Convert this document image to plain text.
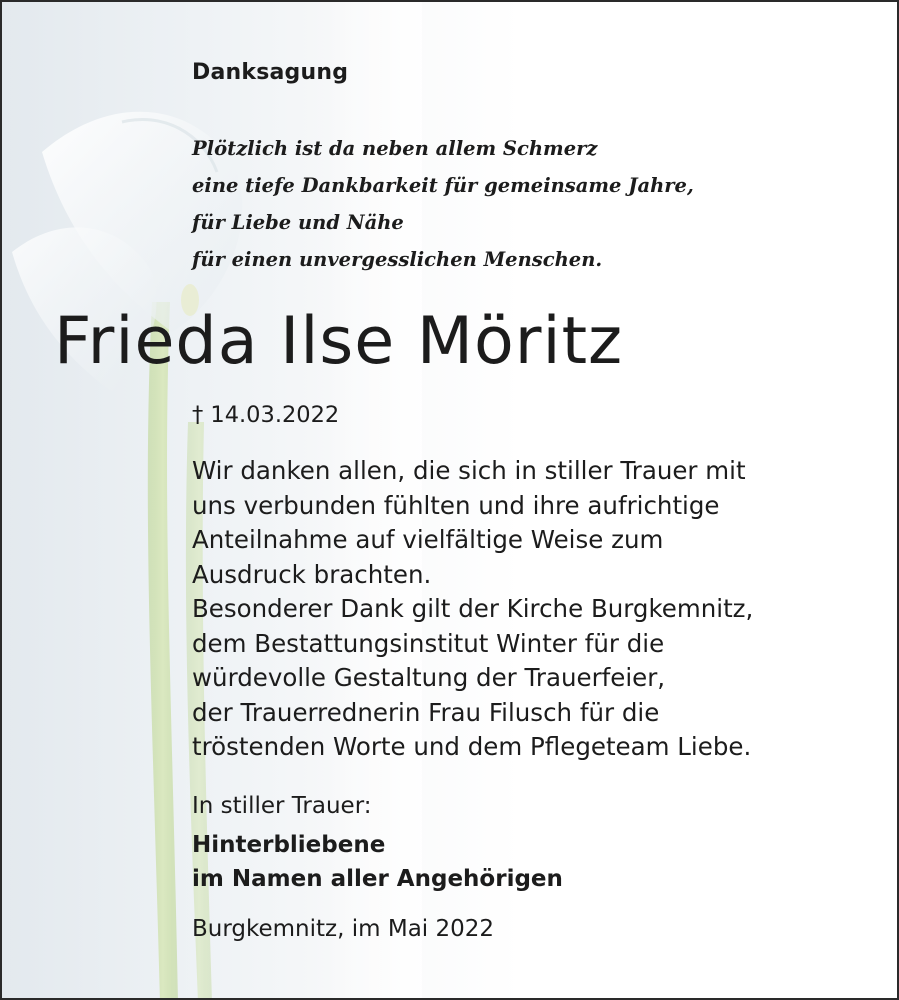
Danksagung

Plötzlich ist da neben allem Schmerz
eine tiefe Dankbarkeit für gemeinsame Jahre,
für Liebe und Nähe
für einen unvergesslichen Menschen.

Frieda Ilse Möritz
† 14.03.2022

Wir danken allen, die sich in stiller Trauer mit
uns verbunden fühlten und ihre aufrichtige
Anteilnahme auf vielfältige Weise zum
Ausdruck brachten.
Besonderer Dank gilt der Kirche Burgkemnitz,
dem Bestattungsinstitut Winter für die
würdevolle Gestaltung der Trauerfeier,
der Trauerrednerin Frau Filusch für die
tröstenden Worte und dem Pflegeteam Liebe.

In stiller Trauer:
Hinterbliebene
im Namen aller Angehörigen
Burgkemnitz, im Mai 2022
